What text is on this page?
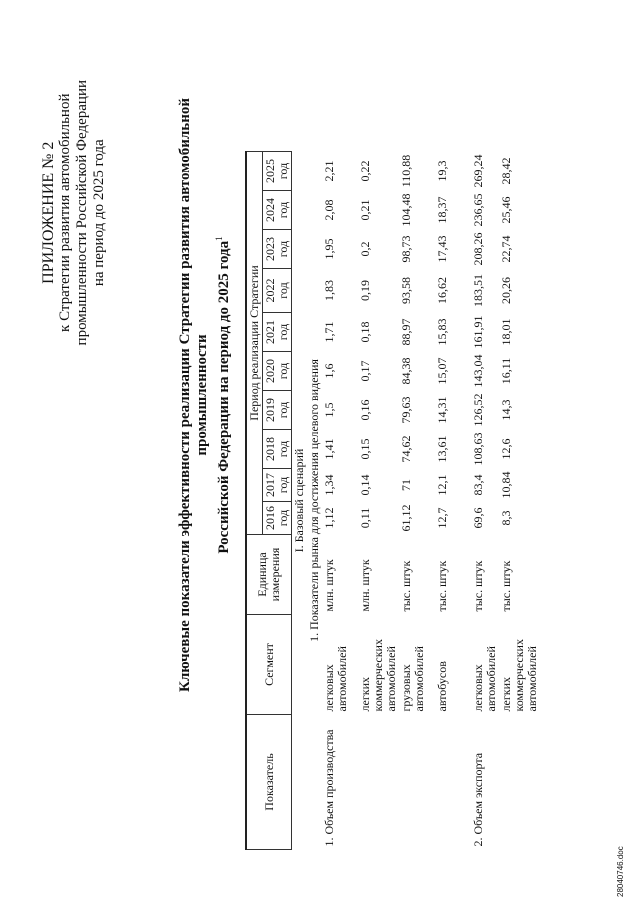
ПРИЛОЖЕНИЕ № 2 к Стратегии развития автомобильной промышленности Российской Федерации на период до 2025 года	Ключевые показатели эффективности реализации Стратегии развития автомобильной промышленности Российской Федерации на период до 2025 года$^1$
Показатель	Сегмент	Единица измерения	Период реализации Стратегии									
			2016 год	2017 год	2018 год	2019 год	2020 год	2021 год	2022 год	2023 год	2024 год	2025 год
I. Базовый сценарий												
1. Показатели рынка для достижения целевого видения												
1. Объем производства	легковых автомобилей	млн. штук	1,12	1,34	1,41	1,5	1,6	1,71	1,83	1,95	2,08	2,21
	легких коммерческих автомобилей	млн. штук	0,11	0,14	0,15	0,16	0,17	0,18	0,19	0,2	0,21	0,22
	грузовых автомобилей	тыс. штук	61,12	71	74,62	79,63	84,38	88,97	93,58	98,73	104,48	110,88
	автобусов	тыс. штук	12,7	12,1	13,61	14,31	15,07	15,83	16,62	17,43	18,37	19,3
2. Объем экспорта	легковых автомобилей	тыс. штук	69,6	83,4	108,63	126,52	143,04	161,91	183,51	208,26	236,65	269,24
	легких коммерческих автомобилей	тыс. штук	8,3	10,84	12,6	14,3	16,11	18,01	20,26	22,74	25,46	28,42
28040746.doc
